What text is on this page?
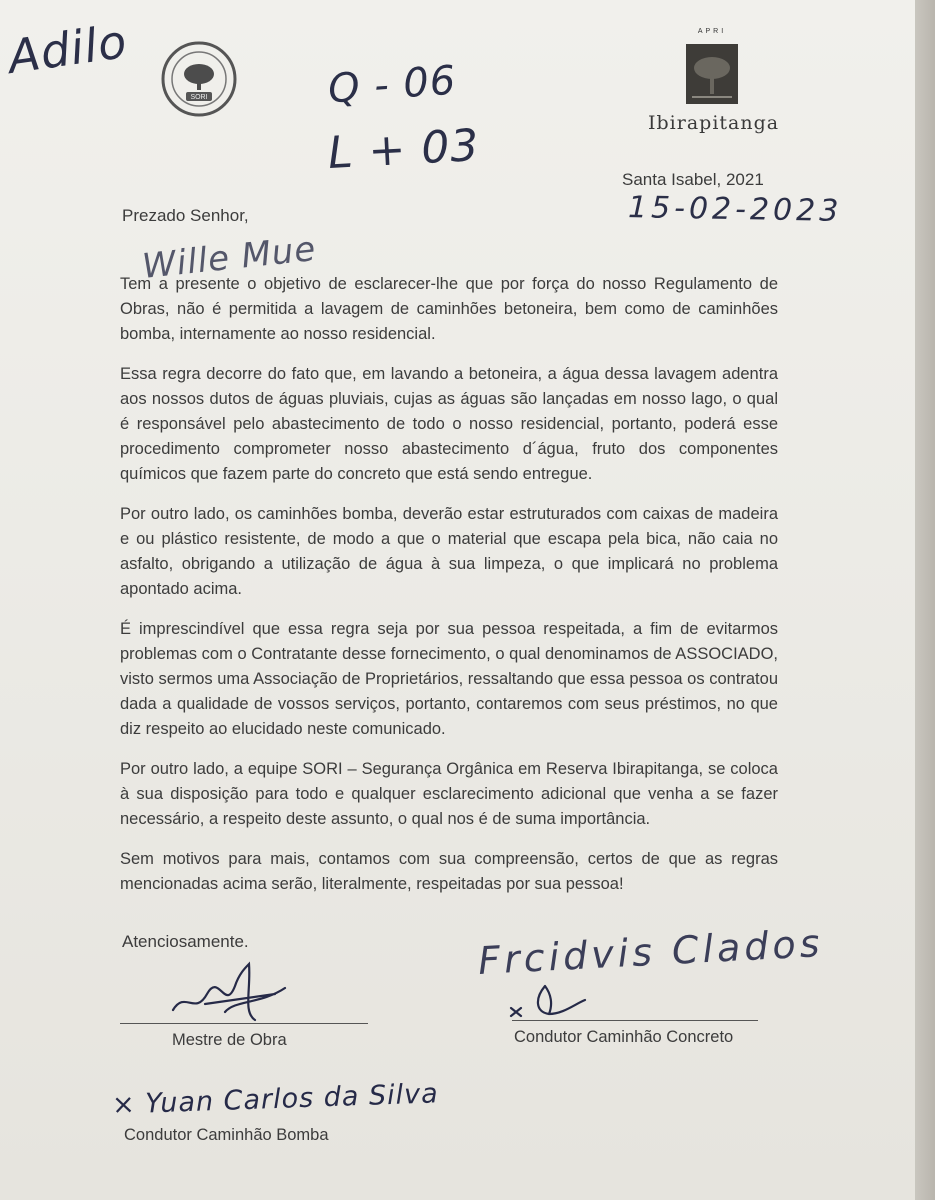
Adilo
Q - 06
L + 03
15-02-2023
Wille Mue
SORI
APRI
Ibirapitanga
Santa Isabel, 2021
Prezado Senhor,

Tem a presente o objetivo de esclarecer-lhe que por força do nosso Regulamento de Obras, não é permitida a lavagem de caminhões betoneira, bem como de caminhões bomba, internamente ao nosso residencial.

Essa regra decorre do fato que, em lavando a betoneira, a água dessa lavagem adentra aos nossos dutos de águas pluviais, cujas as águas são lançadas em nosso lago, o qual é responsável pelo abastecimento de todo o nosso residencial, portanto, poderá esse procedimento comprometer nosso abastecimento d´água, fruto dos componentes químicos que fazem parte do concreto que está sendo entregue.

Por outro lado, os caminhões bomba, deverão estar estruturados com caixas de madeira e ou plástico resistente, de modo a que o material que escapa pela bica, não caia no asfalto, obrigando a utilização de água à sua limpeza, o que implicará no problema apontado acima.

É imprescindível que essa regra seja por sua pessoa respeitada, a fim de evitarmos problemas com o Contratante desse fornecimento, o qual denominamos de ASSOCIADO, visto sermos uma Associação de Proprietários, ressaltando que essa pessoa os contratou dada a qualidade de vossos serviços, portanto, contaremos com seus préstimos, no que diz respeito ao elucidado neste comunicado.

Por outro lado, a equipe SORI – Segurança Orgânica em Reserva Ibirapitanga, se coloca à sua disposição para todo e qualquer esclarecimento adicional que venha a se fazer necessário, a respeito deste assunto, o qual nos é de suma importância.

Sem motivos para mais, contamos com sua compreensão, certos de que as regras mencionadas acima serão, literalmente, respeitadas por sua pessoa!

Atenciosamente.
Mestre de Obra
Frcidvis Clados
Condutor Caminhão Concreto
× Yuan Carlos da Silva
Condutor Caminhão Bomba
